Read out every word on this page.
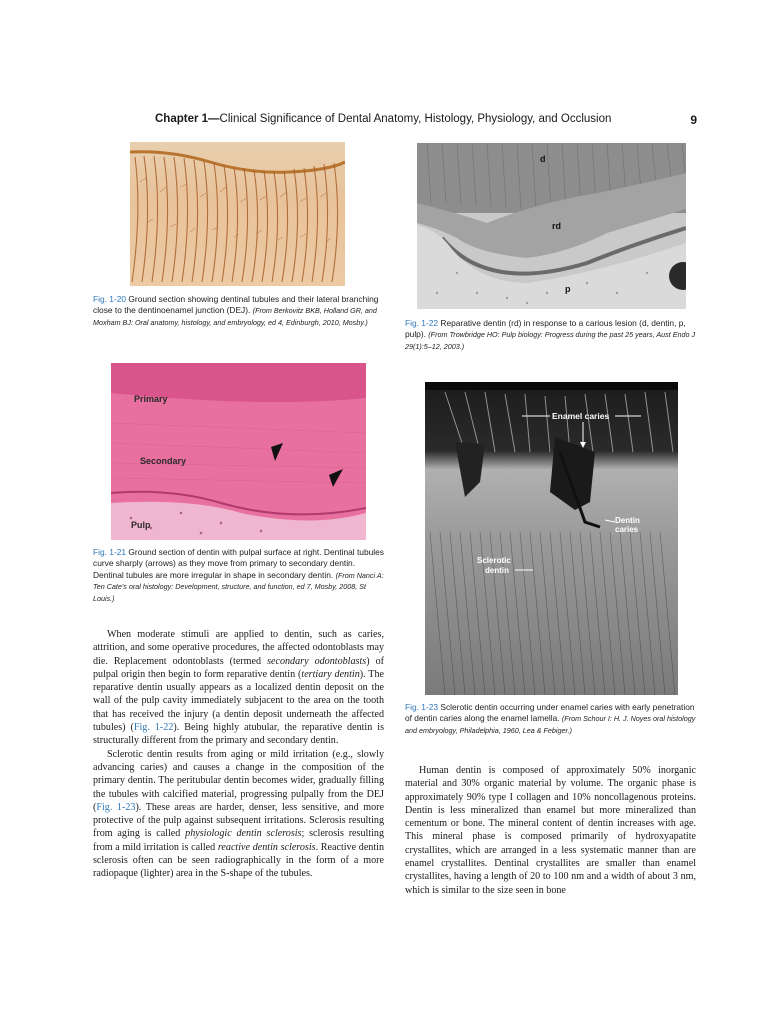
Chapter 1—Clinical Significance of Dental Anatomy, Histology, Physiology, and Occlusion	9
Fig. 1-20 Ground section showing dentinal tubules and their lateral branching close to the dentinoenamel junction (DEJ). (From Berkovitz BKB, Holland GR, and Moxham BJ: Oral anatomy, histology, and embryology, ed 4, Edinburgh, 2010, Mosby.)
d
rd
p
Fig. 1-22 Reparative dentin (rd) in response to a carious lesion (d, dentin, p, pulp). (From Trowbridge HO: Pulp biology: Progress during the past 25 years, Aust Endo J 29(1):5–12, 2003.)
Primary
Secondary
Pulp
Fig. 1-21 Ground section of dentin with pulpal surface at right. Dentinal tubules curve sharply (arrows) as they move from primary to secondary dentin. Dentinal tubules are more irregular in shape in secondary dentin. (From Nanci A: Ten Cate's oral histology: Development, structure, and function, ed 7, Mosby, 2008, St Louis.)
Enamel caries
Dentin
caries
Sclerotic
dentin
Fig. 1-23 Sclerotic dentin occurring under enamel caries with early penetration of dentin caries along the enamel lamella. (From Schour I: H. J. Noyes oral histology and embryology, Philadelphia, 1960, Lea & Febiger.)

When moderate stimuli are applied to dentin, such as caries, attrition, and some operative procedures, the affected odontoblasts may die. Replacement odontoblasts (termed secondary odontoblasts) of pulpal origin then begin to form reparative dentin (tertiary dentin). The reparative dentin usually appears as a localized dentin deposit on the wall of the pulp cavity immediately subjacent to the area on the tooth that has received the injury (a dentin deposit underneath the affected tubules) (Fig. 1-22). Being highly atubular, the reparative dentin is structurally different from the primary and secondary dentin.

Sclerotic dentin results from aging or mild irritation (e.g., slowly advancing caries) and causes a change in the composition of the primary dentin. The peritubular dentin becomes wider, gradually filling the tubules with calcified material, progressing pulpally from the DEJ (Fig. 1-23). These areas are harder, denser, less sensitive, and more protective of the pulp against subsequent irritations. Sclerosis resulting from aging is called physiologic dentin sclerosis; sclerosis resulting from a mild irritation is called reactive dentin sclerosis. Reactive dentin sclerosis often can be seen radiographically in the form of a more radiopaque (lighter) area in the S-shape of the tubules.

Human dentin is composed of approximately 50% inorganic material and 30% organic material by volume. The organic phase is approximately 90% type I collagen and 10% noncollagenous proteins. Dentin is less mineralized than enamel but more mineralized than cementum or bone. The mineral content of dentin increases with age. This mineral phase is composed primarily of hydroxyapatite crystallites, which are arranged in a less systematic manner than are enamel crystallites. Dentinal crystallites are smaller than enamel crystallites, having a length of 20 to 100 nm and a width of about 3 nm, which is similar to the size seen in bone
